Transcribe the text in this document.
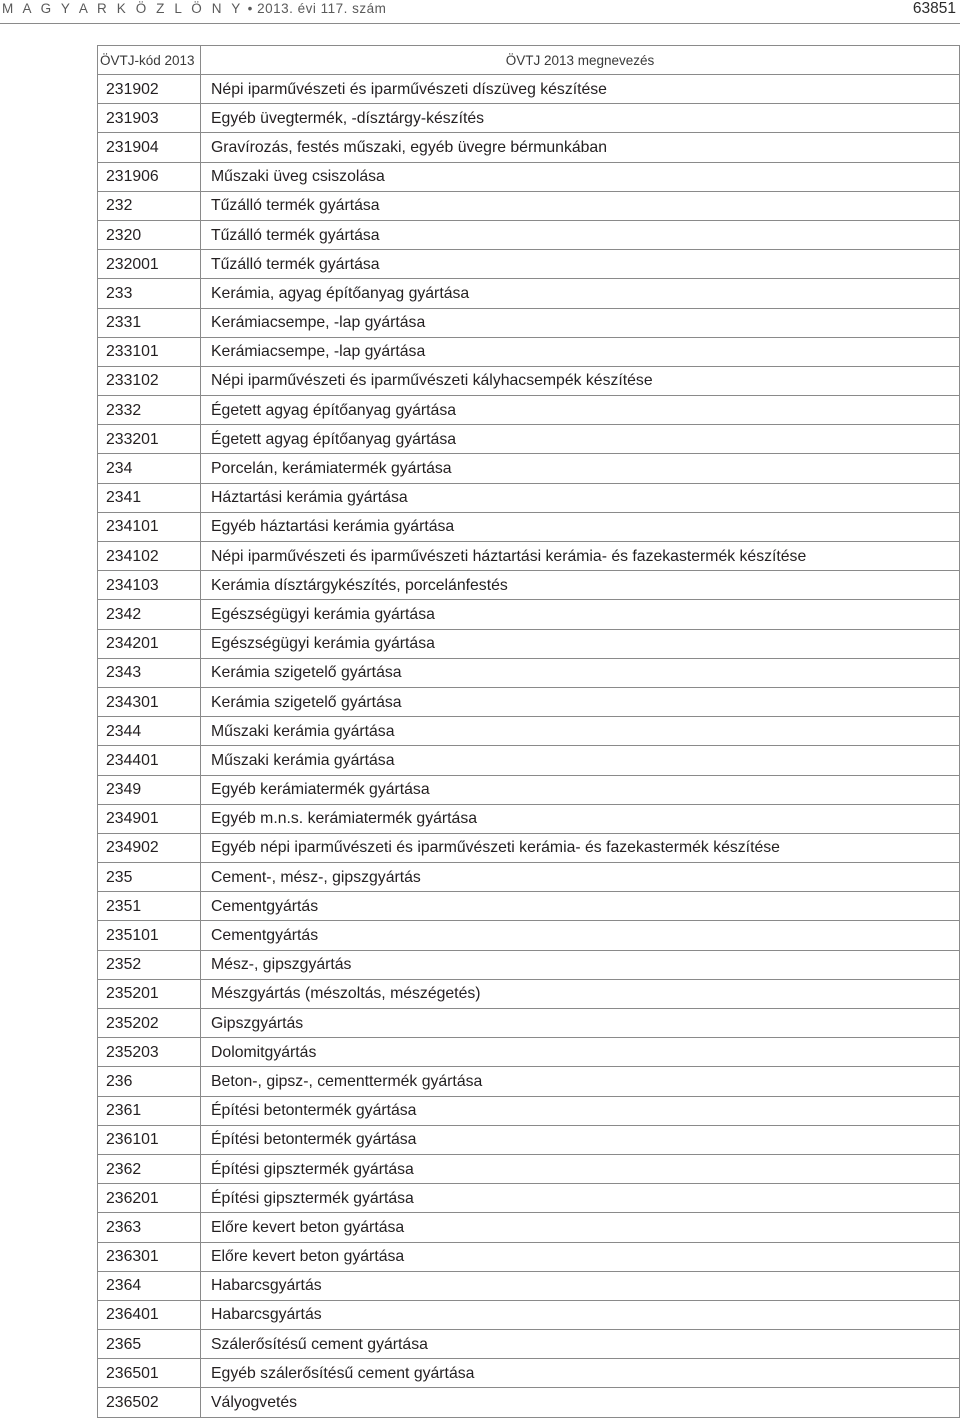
M A G Y A R K Ö Z L Ö N Y • 2013. évi 117. szám	63851
ÖVTJ-kód 2013	ÖVTJ 2013 megnevezés
231902	Népi iparművészeti és iparművészeti díszüveg készítése
231903	Egyéb üvegtermék, -dísztárgy-készítés
231904	Gravírozás, festés műszaki, egyéb üvegre bérmunkában
231906	Műszaki üveg csiszolása
232	Tűzálló termék gyártása
2320	Tűzálló termék gyártása
232001	Tűzálló termék gyártása
233	Kerámia, agyag építőanyag gyártása
2331	Kerámiacsempe, -lap gyártása
233101	Kerámiacsempe, -lap gyártása
233102	Népi iparművészeti és iparművészeti kályhacsempék készítése
2332	Égetett agyag építőanyag gyártása
233201	Égetett agyag építőanyag gyártása
234	Porcelán, kerámiatermék gyártása
2341	Háztartási kerámia gyártása
234101	Egyéb háztartási kerámia gyártása
234102	Népi iparművészeti és iparművészeti háztartási kerámia- és fazekastermék készítése
234103	Kerámia dísztárgykészítés, porcelánfestés
2342	Egészségügyi kerámia gyártása
234201	Egészségügyi kerámia gyártása
2343	Kerámia szigetelő gyártása
234301	Kerámia szigetelő gyártása
2344	Műszaki kerámia gyártása
234401	Műszaki kerámia gyártása
2349	Egyéb kerámiatermék gyártása
234901	Egyéb m.n.s. kerámiatermék gyártása
234902	Egyéb népi iparművészeti és iparművészeti kerámia- és fazekastermék készítése
235	Cement-, mész-, gipszgyártás
2351	Cementgyártás
235101	Cementgyártás
2352	Mész-, gipszgyártás
235201	Mészgyártás (mészoltás, mészégetés)
235202	Gipszgyártás
235203	Dolomitgyártás
236	Beton-, gipsz-, cementtermék gyártása
2361	Építési betontermék gyártása
236101	Építési betontermék gyártása
2362	Építési gipsztermék gyártása
236201	Építési gipsztermék gyártása
2363	Előre kevert beton gyártása
236301	Előre kevert beton gyártása
2364	Habarcsgyártás
236401	Habarcsgyártás
2365	Szálerősítésű cement gyártása
236501	Egyéb szálerősítésű cement gyártása
236502	Vályogvetés
